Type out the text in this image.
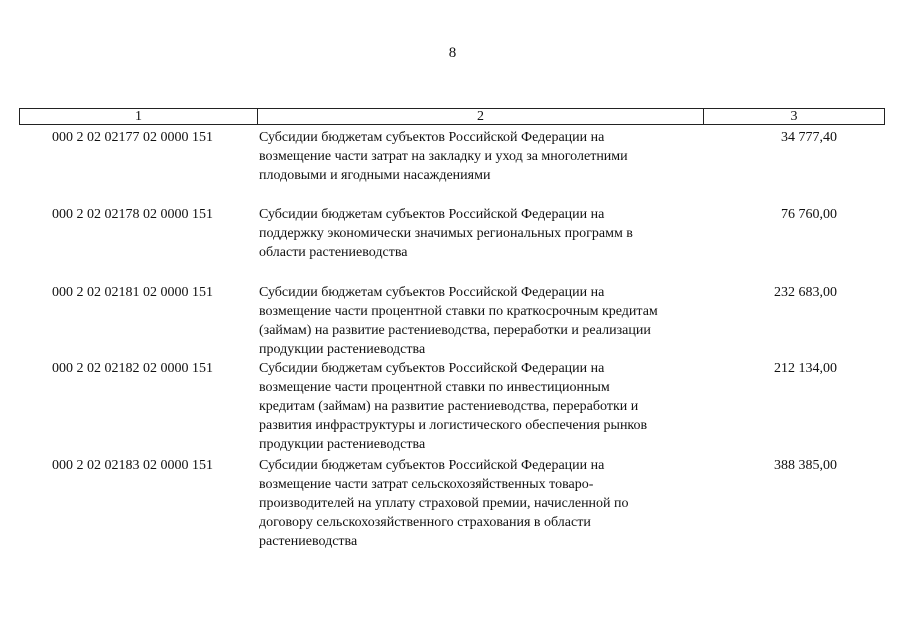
8
1	2	3
000 2 02 02177 02 0000 151	Субсидии бюджетам субъектов Российской Федерации на
возмещение части затрат на закладку и уход за многолетними
плодовыми и ягодными насаждениями
34 777,40
000 2 02 02178 02 0000 151	Субсидии бюджетам субъектов Российской Федерации на
поддержку экономически значимых региональных программ в
области растениеводства
76 760,00
000 2 02 02181 02 0000 151	Субсидии бюджетам субъектов Российской Федерации на
возмещение части процентной ставки по краткосрочным кредитам
(займам) на развитие растениеводства, переработки и реализации
продукции растениеводства
232 683,00
000 2 02 02182 02 0000 151	Субсидии бюджетам субъектов Российской Федерации на
возмещение части процентной ставки по инвестиционным
кредитам (займам) на развитие растениеводства, переработки и
развития инфраструктуры и логистического обеспечения рынков
продукции растениеводства
212 134,00
000 2 02 02183 02 0000 151	Субсидии бюджетам субъектов Российской Федерации на
возмещение части затрат сельскохозяйственных товаро-
производителей на уплату страховой премии, начисленной по
договору сельскохозяйственного страхования в области
растениеводства
388 385,00
